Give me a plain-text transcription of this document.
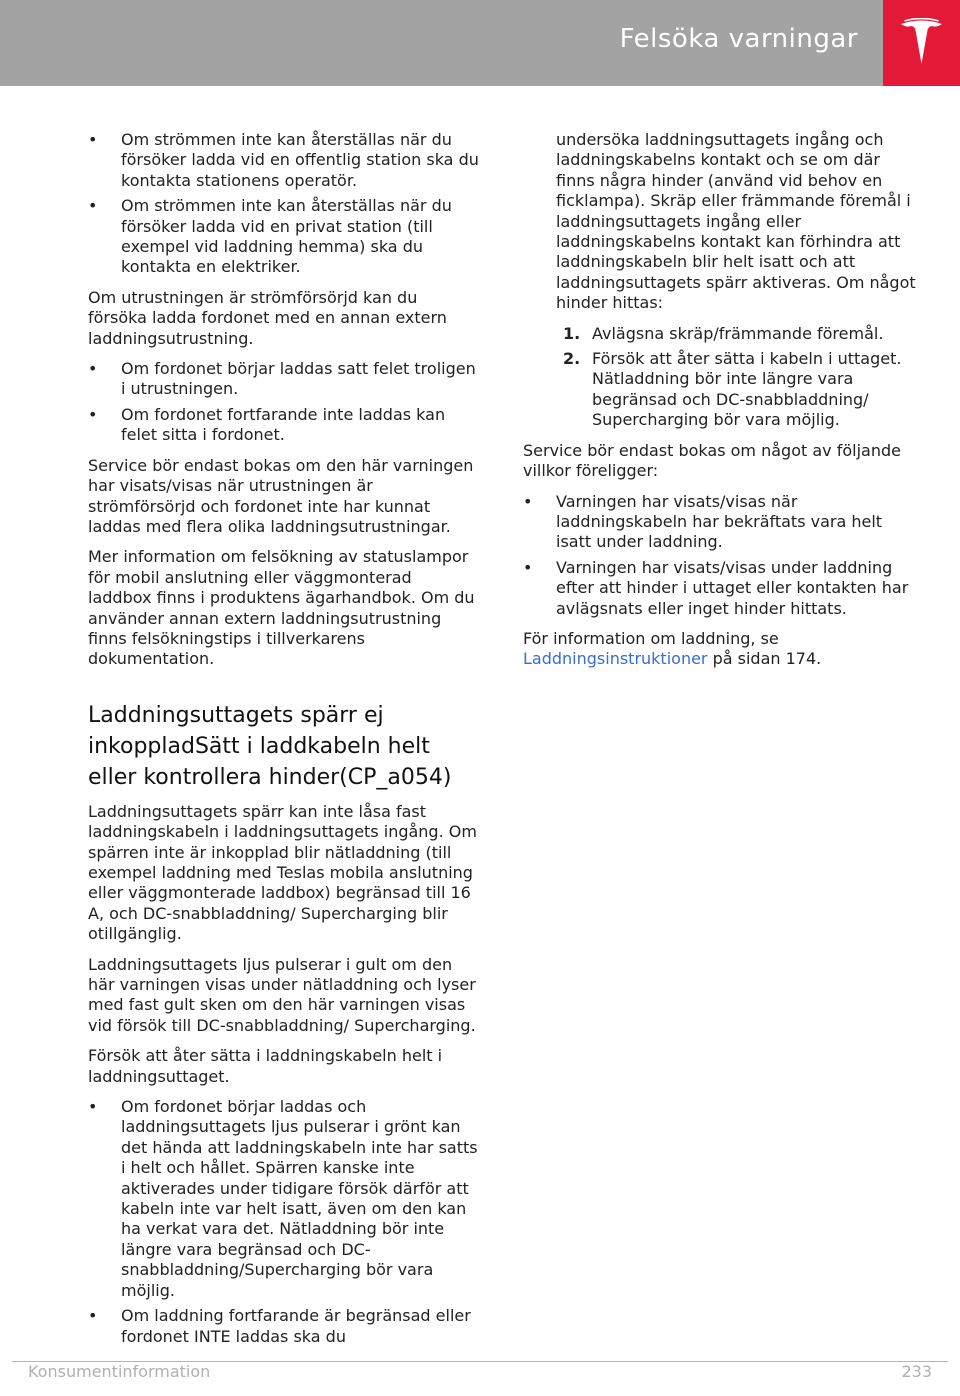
Felsöka varningar
• Om strömmen inte kan återställas när du försöker ladda vid en offentlig station ska du kontakta stationens operatör.
• Om strömmen inte kan återställas när du försöker ladda vid en privat station (till exempel vid laddning hemma) ska du kontakta en elektriker.

Om utrustningen är strömförsörjd kan du försöka ladda fordonet med en annan extern laddningsutrustning.

• Om fordonet börjar laddas satt felet troligen i utrustningen.
• Om fordonet fortfarande inte laddas kan felet sitta i fordonet.

Service bör endast bokas om den här varningen har visats/visas när utrustningen är strömförsörjd och fordonet inte har kunnat laddas med flera olika laddningsutrustningar.

Mer information om felsökning av statuslampor för mobil anslutning eller väggmonterad laddbox finns i produktens ägarhandbok. Om du använder annan extern laddningsutrustning finns felsökningstips i tillverkarens dokumentation.

Laddningsuttagets spärr ej inkoppladSätt i laddkabeln helt eller kontrollera hinder(CP_a054)

Laddningsuttagets spärr kan inte låsa fast laddningskabeln i laddningsuttagets ingång. Om spärren inte är inkopplad blir nätladdning (till exempel laddning med Teslas mobila anslutning eller väggmonterade laddbox) begränsad till 16 A, och DC-snabbladdning/ Supercharging blir otillgänglig.

Laddningsuttagets ljus pulserar i gult om den här varningen visas under nätladdning och lyser med fast gult sken om den här varningen visas vid försök till DC-snabbladdning/ Supercharging.

Försök att åter sätta i laddningskabeln helt i laddningsuttaget.

• Om fordonet börjar laddas och laddningsuttagets ljus pulserar i grönt kan det hända att laddningskabeln inte har satts i helt och hållet. Spärren kanske inte aktiverades under tidigare försök därför att kabeln inte var helt isatt, även om den kan ha verkat vara det. Nätladdning bör inte längre vara begränsad och DC-snabbladdning/Supercharging bör vara möjlig.
• Om laddning fortfarande är begränsad eller fordonet INTE laddas ska du

undersöka laddningsuttagets ingång och laddningskabelns kontakt och se om där finns några hinder (använd vid behov en ficklampa). Skräp eller främmande föremål i laddningsuttagets ingång eller laddningskabelns kontakt kan förhindra att laddningskabeln blir helt isatt och att laddningsuttagets spärr aktiveras. Om något hinder hittas:

1. Avlägsna skräp/främmande föremål.
2. Försök att åter sätta i kabeln i uttaget. Nätladdning bör inte längre vara begränsad och DC-snabbladdning/ Supercharging bör vara möjlig.

Service bör endast bokas om något av följande villkor föreligger:

• Varningen har visats/visas när laddningskabeln har bekräftats vara helt isatt under laddning.
• Varningen har visats/visas under laddning efter att hinder i uttaget eller kontakten har avlägsnats eller inget hinder hittats.

För information om laddning, se Laddningsinstruktioner på sidan 174.

Konsumentinformation	233
